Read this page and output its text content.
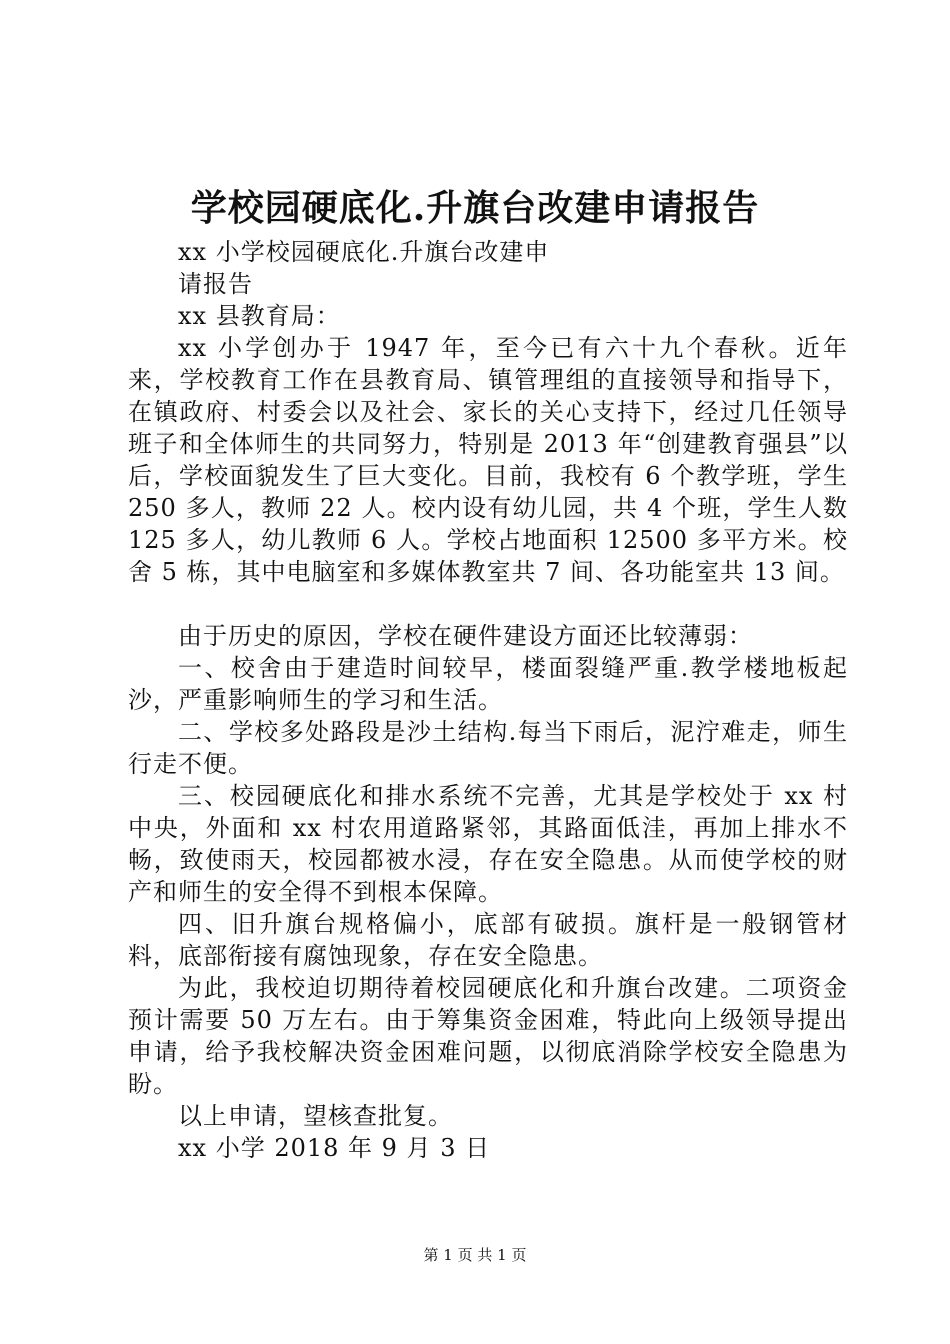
学校园硬底化.升旗台改建申请报告

xx 小学校园硬底化.升旗台改建申

请报告

xx 县教育局：

xx 小学创办于 1947 年，至今已有六十九个春秋。近年来，学校教育工作在县教育局、镇管理组的直接领导和指导下，在镇政府、村委会以及社会、家长的关心支持下，经过几任领导班子和全体师生的共同努力，特别是 2013 年“创建教育强县”以后，学校面貌发生了巨大变化。目前，我校有 6 个教学班，学生 250 多人，教师 22 人。校内设有幼儿园，共 4 个班，学生人数 125 多人，幼儿教师 6 人。学校占地面积 12500 多平方米。校舍 5 栋，其中电脑室和多媒体教室共 7 间、各功能室共 13 间。

由于历史的原因，学校在硬件建设方面还比较薄弱：

一、校舍由于建造时间较早，楼面裂缝严重.教学楼地板起沙，严重影响师生的学习和生活。

二、学校多处路段是沙土结构.每当下雨后，泥泞难走，师生行走不便。

三、校园硬底化和排水系统不完善，尤其是学校处于 xx 村中央，外面和 xx 村农用道路紧邻，其路面低洼，再加上排水不畅，致使雨天，校园都被水浸，存在安全隐患。从而使学校的财产和师生的安全得不到根本保障。

四、旧升旗台规格偏小，底部有破损。旗杆是一般钢管材料，底部衔接有腐蚀现象，存在安全隐患。

为此，我校迫切期待着校园硬底化和升旗台改建。二项资金预计需要 50 万左右。由于筹集资金困难，特此向上级领导提出申请，给予我校解决资金困难问题，以彻底消除学校安全隐患为盼。

以上申请，望核查批复。

xx 小学 2018 年 9 月 3 日

第 1 页 共 1 页
